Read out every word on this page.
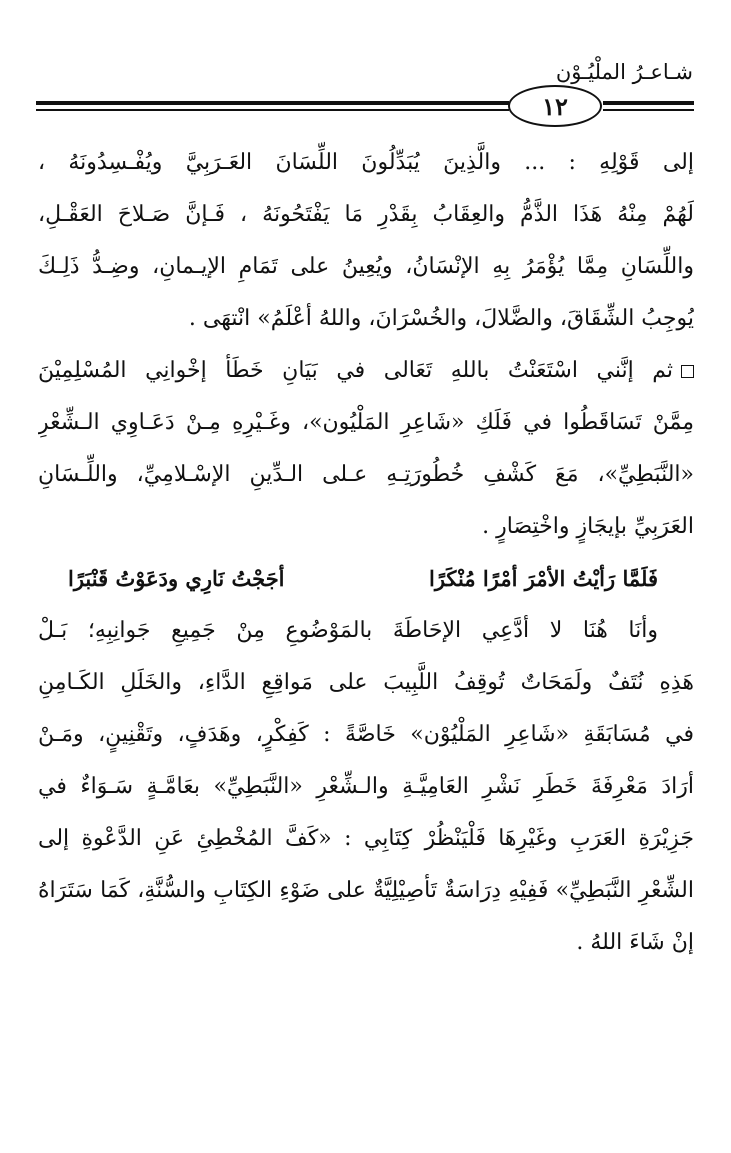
شـاعـرُ الملْيُـوْن
١٢
إلى قَوْلِهِ : ... والَّذِينَ يُبَدِّلُونَ اللِّسَانَ العَـرَبِيَّ ويُفْـسِدُونَهُ ،
لَهُمْ مِنْهُ هَذَا الذَّمُّ والعِقَابُ بِقَدْرِ مَا يَفْتَحُونَهُ ، فَـإنَّ صَـلاحَ العَقْـلِ،
واللِّسَانِ مِمَّا يُؤْمَرُ بِهِ الإنْسَانُ، ويُعِينُ على تَمَامِ الإيـمانِ، وضِـدُّ ذَلِـكَ
يُوجِبُ الشِّقَاقَ، والضَّلالَ، والخُسْرَانَ، واللهُ أعْلَمُ» انْتهَى .
ثم إنَّني اسْتَعَنْتُ باللهِ تَعَالى في بَيَانِ خَطَأ إخْوانِي المُسْلِمِيْنَ
مِمَّنْ تَسَاقَطُوا في فَلَكِ «شَاعِرِ المَلْيُون»، وغَـيْرِهِ مِـنْ دَعَـاوِي الـشِّعْرِ
«النَّبَطِيِّ»، مَعَ كَشْفِ خُطُورَتِـهِ عـلى الـدِّينِ الإسْـلامِيِّ، واللِّـسَانِ
العَرَبِيِّ بإيجَازٍ واخْتِصَارٍ .
فَلَمَّا رَأيْتُ الأمْرَ أمْرًا مُنْكَرًا
أجَجْتُ نَارِي ودَعَوْتُ قَنْبَرًا
وأنَا هُنَا لا أدَّعِي الإحَاطَةَ بالمَوْضُوعِ مِنْ جَمِيعِ جَوانِبِهِ؛ بَـلْ
هَذِهِ نُتَفٌ ولَمَحَاتٌ تُوقِفُ اللَّبِيبَ على مَواقِعِ الدَّاءِ، والخَلَلِ الكَـامِنِ
في مُسَابَقَةِ «شَاعِرِ المَلْيُوْن» خَاصَّةً : كَفِكْرٍ، وهَدَفٍ، وتَقْنِينٍ، ومَـنْ
أرَادَ مَعْرِفَةَ خَطَرِ نَشْرِ العَامِيَّـةِ والـشِّعْرِ «النَّبَطِيِّ» بعَامَّـةٍ سَـوَاءٌ في
جَزِيْرَةِ العَرَبِ وغَيْرِهَا فَلْيَنْظُرْ كِتَابِي : «كَفَّ المُخْطِئِ عَنِ الدَّعْوةِ إلى
الشِّعْرِ النَّبَطِيِّ» فَفِيْهِ دِرَاسَةٌ تَأصِيْلِيَّةٌ على ضَوْءِ الكِتَابِ والسُّنَّةِ، كَمَا سَتَرَاهُ
إنْ شَاءَ اللهُ .
